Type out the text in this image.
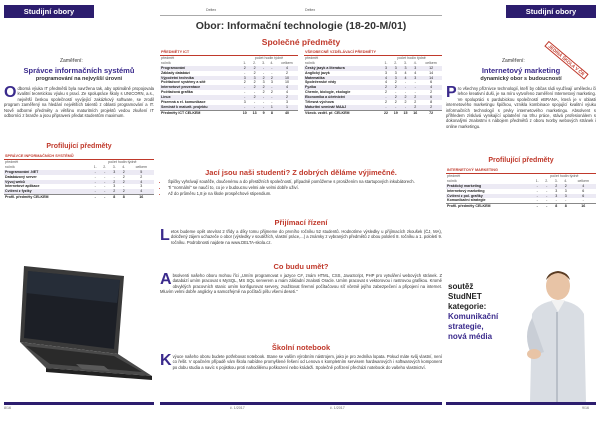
Studijní obory
Zaměření:
Správce informačních systémů
programování na nejvyšší úrovni
Odborná výuka IT předmětů byla navržena tak, aby optimálně propojovala kvalitní teoretickou výuku s praxí. Ze spolupráce školy s UNICORN, a.s., největší českou společností vyvíjející zakázkový software, se zrodil program zaměřený na hledání největších talentů z oblasti programování a IT. Nově odborné předměty a většinu maturitních projektů vedou zkušení IT odborníci z branže a jsou připraveni předat studentům maximum.
Profilující předměty
SPRÁVCE INFORMAČNÍCH SYSTÉMŮ					
předmět	počet hodin týdně				
ročník	1.	2.	3.	4.	celkem
Programování .NET	-	-	3	2	5
Databázový server	-	-	-	2	2
Vývoj webů	-	-	2	2	4
Internetové aplikace	-	-	3	-	3
Cvičení z fyziky	-	-	2	2	4
Profil. předměty CELKEM	-	-	8	8	16
8/16
Deltex	Deltex
Obor: Informační technologie (18-20-M/01)
Společné předměty
PŘEDMĚTY ICT					
předmět	počet hodin týdně				
ročník	1.	2.	3.	4.	celkem
Programování	2	2	-	-	4
Základy databází	-	2	-	-	2
Výpočetní technika	3	3	2	2	10
Počítačové systémy a sítě	2	2	3	3	10
Internetové prezentace	-	2	2	-	4
Počítačová grafika	-	-	2	2	4
Linux	-	2	-	-	2
Písemná a el. komunikace	3	-	-	-	3
Seminář k maturit. projektu	-	-	-	1	1
Předměty ICT CELKEM	10	13	9	8	40
VŠEOBECNĚ VZDĚLÁVACÍ PŘEDMĚTY					
předmět	počet hodin týdně				
ročník	1.	2.	3.	4.	celkem
Český jazyk a literatura	3	3	3	3	12
Anglický jazyk	3	3	4	4	14
Matematika	4	3	4	3	14
Společenské vědy	4	2	-	-	6
Fyzika	2	2	-	-	4
Chemie, biologie, ekologie	2	-	-	-	2
Ekonomika a účetnictví	-	2	2	2	6
Tělesná výchova	2	2	2	2	8
Maturitní seminář MAAJ	-	-	-	2	2
Všeob. vzděl. př. CELKEM	22	19	15	16	72
Jací jsou naši studenti? Z dobrých děláme výjimečné.
• Špičky vyhrávají soutěže, doučenému a do přestižních společností, případně pomůžeme s prorážením na startupových inkubátorech.
• Ti "normální" se naučí to, co je v budoucnu velmi ale velmi dobře uživí.
• Až do průměru 1,8 je na škole prospěchové stipendium.
Přijímací řízení
Letos budeme opět otevírat 2 třídy a díky tomu přijmeme do prvního ročníku 52 studentů. Hodnotíme výsledky u přijímacích zkoušek (ČJ, MA), doložený zájem uchazeče o obor (výsledky v soutěžích, vlastní práce,...) a známky z vybraných předmětů z obou pololetí 8. ročníku a 1. pololetí 9. ročníku. Podrobnosti najdete na www.DELTA-skola.cz.
Co budu umět?
Absolventi našeho oboru mohou říci „Umím programovat v jazyce C#, znám HTML, CSS, JavaScript, PHP pro vytváření webových stránek. Z databází umím pracovat s MySQL, MS SQL serverem a mám základní znalosti Oracle. Umím pracovat s vektorovou i rastrovou grafikou. Kromě obvyklých pracovních stanic umím konfigurovat servery, zvažitovat firemní počítačovou síť včetně jejího zabezpečení a připojení na internet. Mluvím velmi dobře anglicky a samozřejmě na počítači píšu všemi deseti."
Školní notebook
Kvýuce našeho oboru budete potřebovat notebook. Stane se vaším výrobním nástrojem, jako je pro zedníka lopata. Pokud máte svůj vlastní, není co řešit. V opačném případě vám škola nabídne promyšlené řešení od Lenova s kompletním servisem hardwarových i softwarových komponent po dobu studia a navíc s pojistkou proti nahodilému poškození nebo krádeži. Společně pořízení přecházi notebook do vašeho vlastnictví.
č. 1/2017	č. 1/2017
Studijní obory
JEDINÁ ŠKOLA V ČR
Zaměření:
Internetový marketing
dynamický obor s budoucností
Pro všechny příznivce technologií, kteří by občas rádi využívají umělecku či lehce kreativní duši, je na míru vytvořeno zaměření Internetový marketing. Ve spolupráci s pardubickou společností eBRANA, která je v oblasti internetového marketingu špičkou, vznikla kombinace spojující kvalitní výuku informačních technologií s prvky internetového marketingu. Absolvent s příhledem získává vynikající uplatnění na trhu práce, stává profesionálem s dokonalými znalostmi s nábojem předmětů z oboru tvorby webových stránek i online marketingu.
Profilující předměty
INTERNETOVÝ MARKETING					
předmět	počet hodin týdně				
ročník	1.	2.	3.	4.	celkem
Praktický marketing	-	-	2	2	4
Internetový marketing	-	-	3	3	6
Cvičení z pol. grafiky	-	-	3	3	6
Komunikační strategie	-	-	-	-	-
Profil. předměty CELKEM	-	-	8	8	16
soutěž
StudNET
kategorie:
Komunikační
strategie,
nová média
9/16
